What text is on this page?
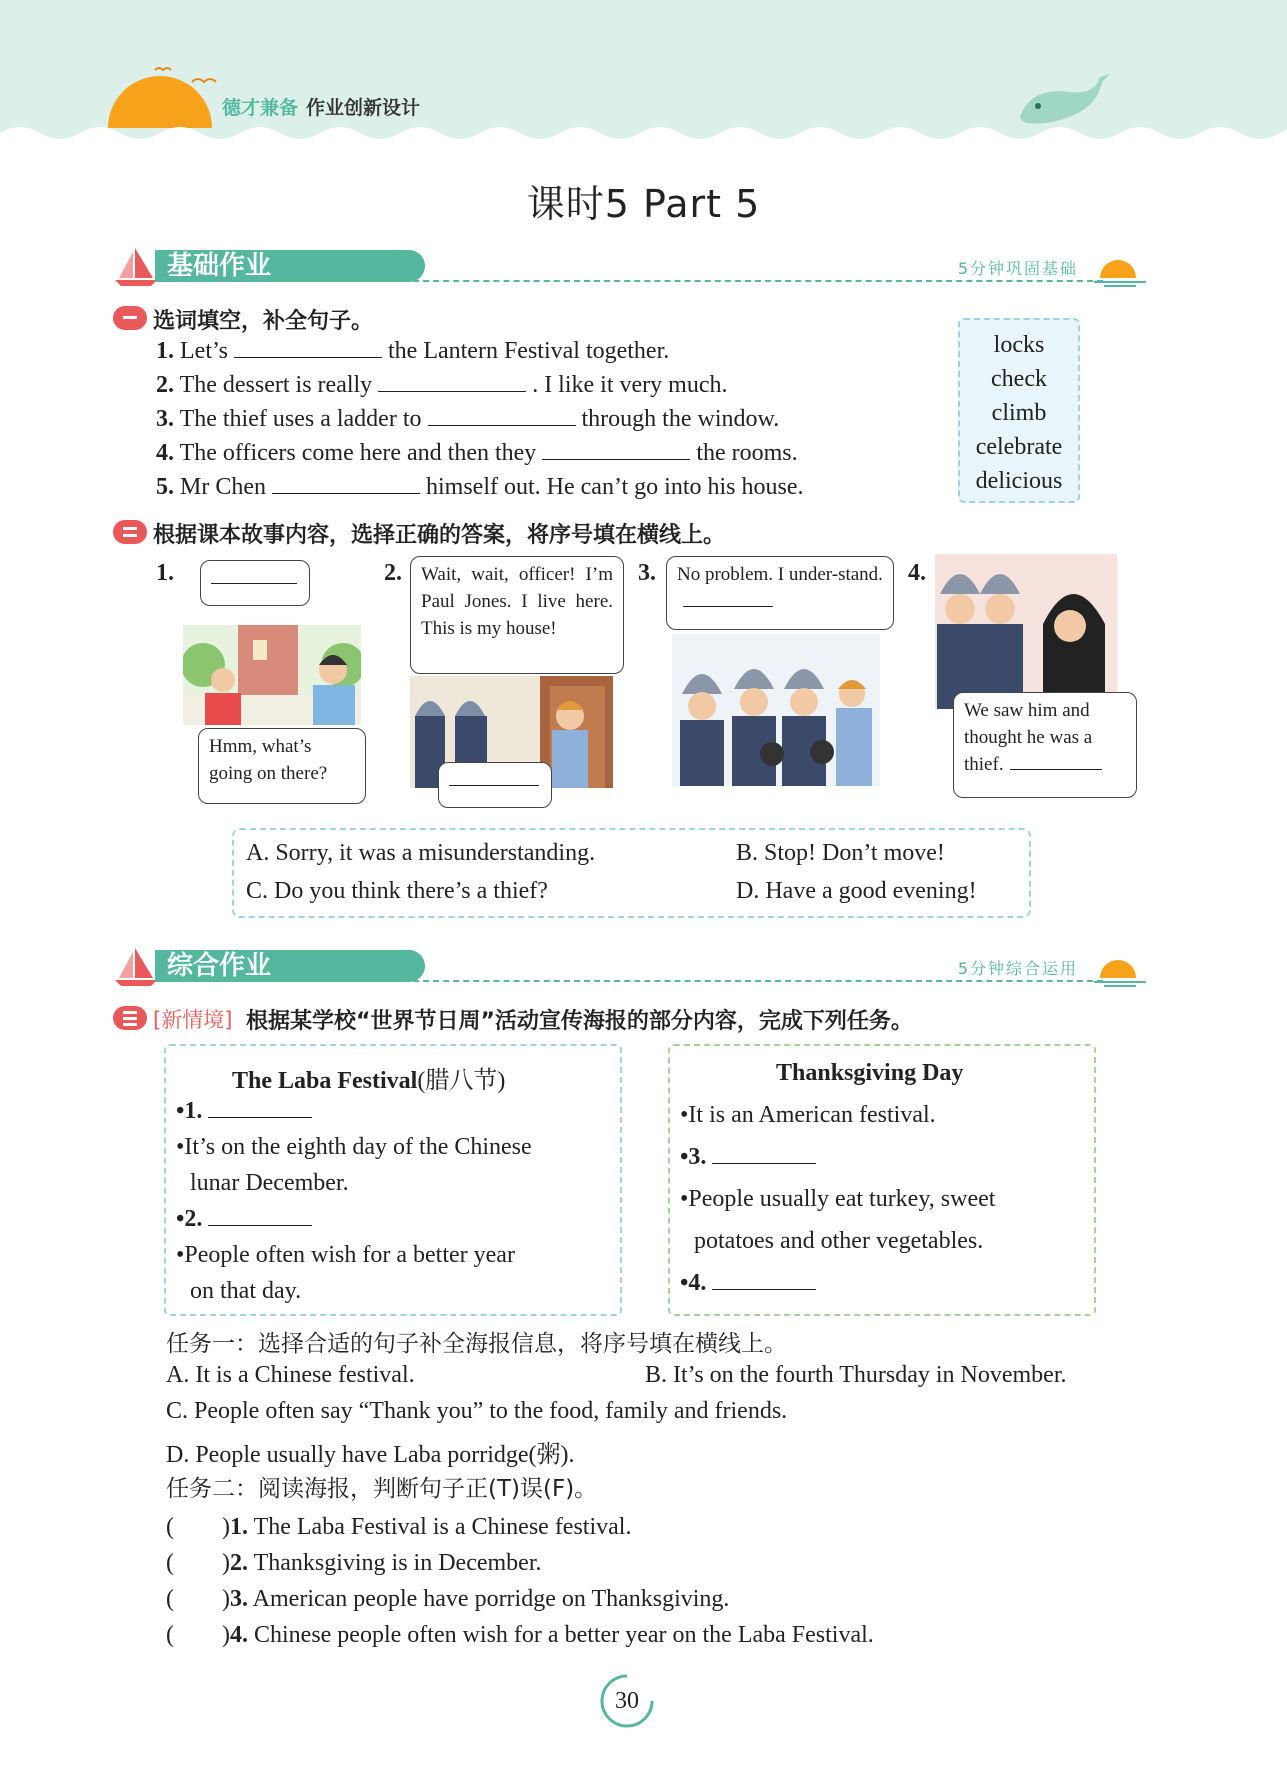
德才兼备 作业创新设计
课时5 Part 5
基础作业	5分钟巩固基础
选词填空，补全句子。
1. Let’s	the Lantern Festival together.
2. The dessert is really	. I like it very much.
3. The thief uses a ladder to	through the window.
4. The officers come here and then they	the rooms.
5. Mr Chen	himself out. He can’t go into his house.
locks
check
climb
celebrate
delicious
根据课本故事内容，选择正确的答案，将序号填在横线上。
1.
Hmm, what’s going on there?
2.	Wait, wait, officer! I’m Paul Jones. I live here. This is my house!
3.	No problem. I under-stand.	4.
We saw him and thought he was a thief.
A. Sorry, it was a misunderstanding.	B. Stop! Don’t move!
C. Do you think there’s a thief?	D. Have a good evening!
综合作业	5分钟综合运用
[新情境] 根据某学校“世界节日周”活动宣传海报的部分内容，完成下列任务。
The Laba Festival(腊八节)
•1.
•It’s on the eighth day of the Chinese
lunar December.
•2.
•People often wish for a better year
on that day.
Thanksgiving Day
•It is an American festival.
•3.
•People usually eat turkey, sweet
potatoes and other vegetables.
•4.
任务一：选择合适的句子补全海报信息，将序号填在横线上。
A. It is a Chinese festival.	B. It’s on the fourth Thursday in November.
C. People often say “Thank you” to the food, family and friends.
D. People usually have Laba porridge(粥).
任务二：阅读海报，判断句子正(T)误(F)。
(　　)1. The Laba Festival is a Chinese festival.
(　　)2. Thanksgiving is in December.
(　　)3. American people have porridge on Thanksgiving.
(　　)4. Chinese people often wish for a better year on the Laba Festival.
30
